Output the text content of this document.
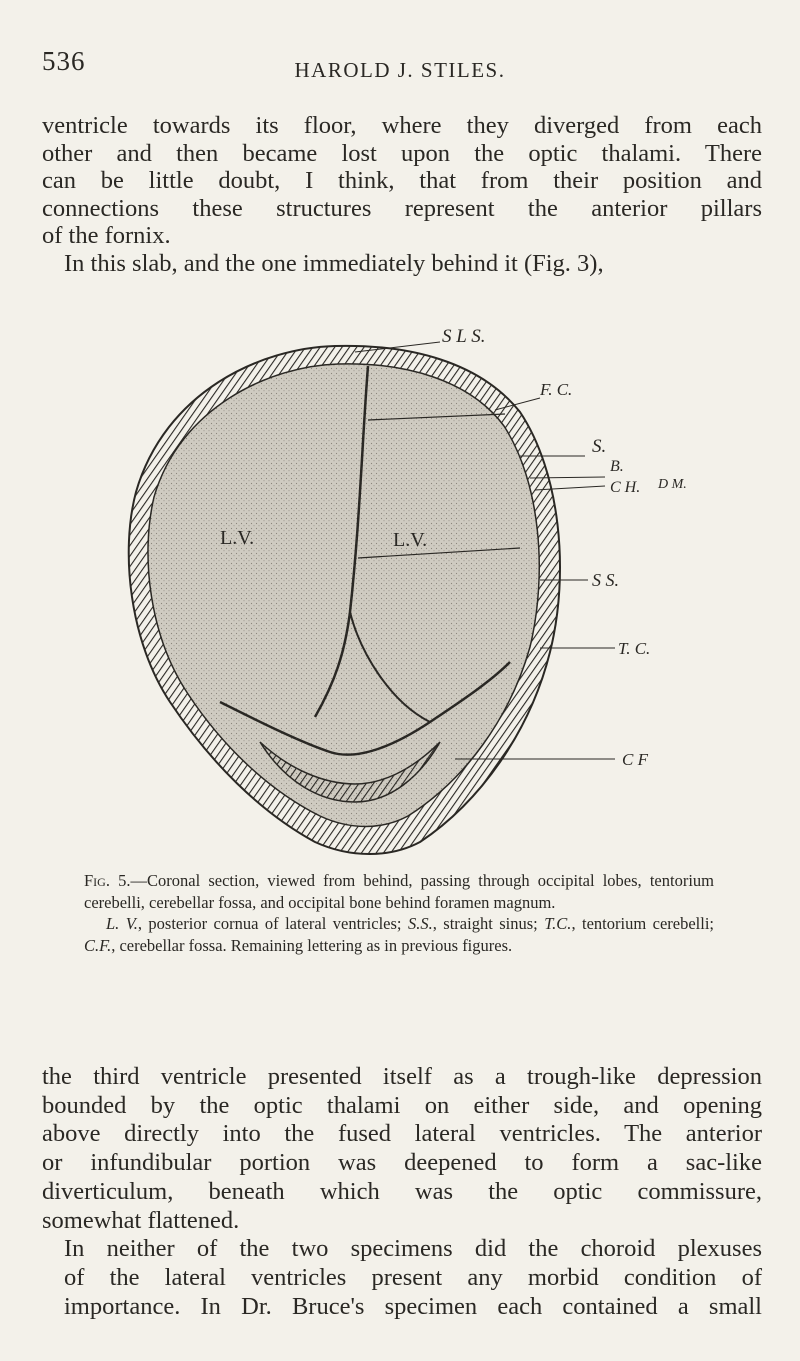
536	HAROLD J. STILES.

ventricle towards its floor, where they diverged from each
other and then became lost upon the optic thalami. There
can be little doubt, I think, that from their position and
connections these structures represent the anterior pillars
of the fornix.

In this slab, and the one immediately behind it (Fig. 3),

S L S.
F. C.
S.
B.
C H. D M.
S S.
T. C.
C F
L.V.	L.V.

Fig. 5.—Coronal section, viewed from behind, passing through occipital lobes, tentorium cerebelli, cerebellar fossa, and occipital bone behind foramen magnum.

L. V., posterior cornua of lateral ventricles; S.S., straight sinus; T.C., tentorium cerebelli; C.F., cerebellar fossa. Remaining lettering as in previous figures.

the third ventricle presented itself as a trough-like depression
bounded by the optic thalami on either side, and opening
above directly into the fused lateral ventricles. The anterior
or infundibular portion was deepened to form a sac-like
diverticulum, beneath which was the optic commissure,
somewhat flattened.

In neither of the two specimens did the choroid plexuses
of the lateral ventricles present any morbid condition of
importance. In Dr. Bruce's specimen each contained a small
